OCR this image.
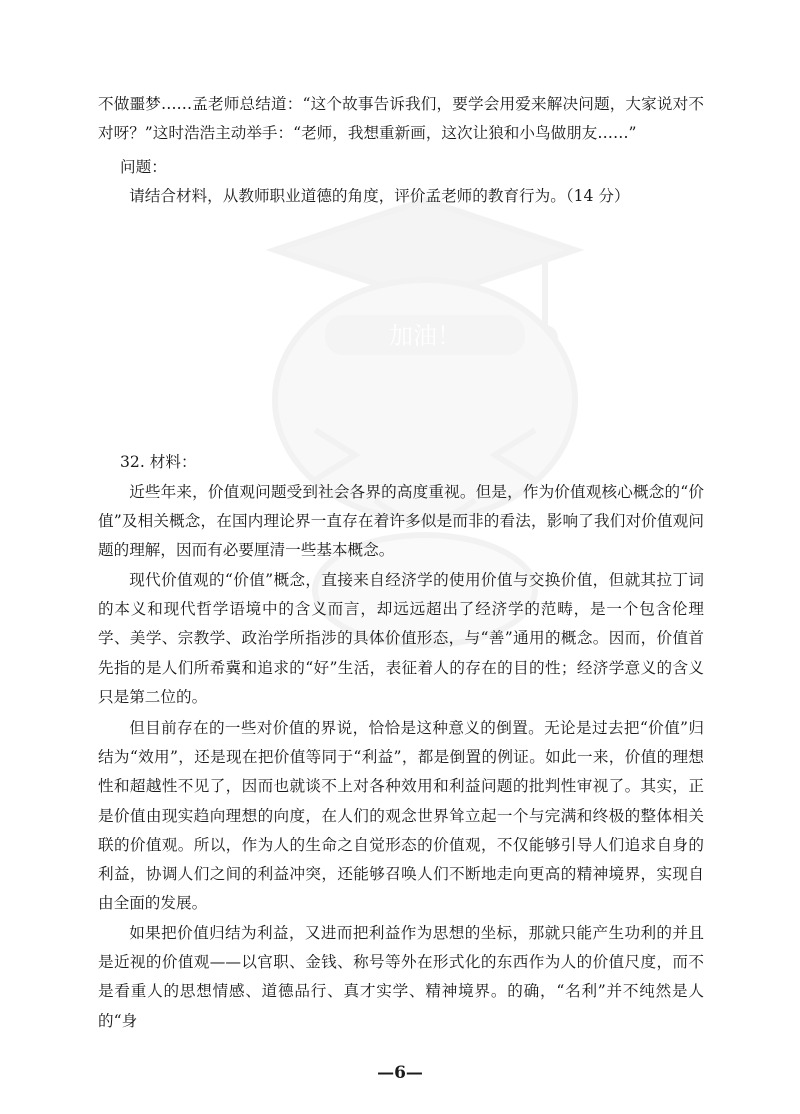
加油！

不做噩梦……孟老师总结道：“这个故事告诉我们，要学会用爱来解决问题，大家说对不对呀？”这时浩浩主动举手：“老师，我想重新画，这次让狼和小鸟做朋友……”

问题：

请结合材料，从教师职业道德的角度，评价孟老师的教育行为。（14 分）

32. 材料：

近些年来，价值观问题受到社会各界的高度重视。但是，作为价值观核心概念的“价值”及相关概念，在国内理论界一直存在着许多似是而非的看法，影响了我们对价值观问题的理解，因而有必要厘清一些基本概念。

现代价值观的“价值”概念，直接来自经济学的使用价值与交换价值，但就其拉丁词的本义和现代哲学语境中的含义而言，却远远超出了经济学的范畴，是一个包含伦理学、美学、宗教学、政治学所指涉的具体价值形态，与“善”通用的概念。因而，价值首先指的是人们所希冀和追求的“好”生活，表征着人的存在的目的性；经济学意义的含义只是第二位的。

但目前存在的一些对价值的界说，恰恰是这种意义的倒置。无论是过去把“价值”归结为“效用”，还是现在把价值等同于“利益”，都是倒置的例证。如此一来，价值的理想性和超越性不见了，因而也就谈不上对各种效用和利益问题的批判性审视了。其实，正是价值由现实趋向理想的向度，在人们的观念世界耸立起一个与完满和终极的整体相关联的价值观。所以，作为人的生命之自觉形态的价值观，不仅能够引导人们追求自身的利益，协调人们之间的利益冲突，还能够召唤人们不断地走向更高的精神境界，实现自由全面的发展。

如果把价值归结为利益，又进而把利益作为思想的坐标，那就只能产生功利的并且是近视的价值观——以官职、金钱、称号等外在形式化的东西作为人的价值尺度，而不是看重人的思想情感、道德品行、真才实学、精神境界。的确，“名利”并不纯然是人的“身

—6—
